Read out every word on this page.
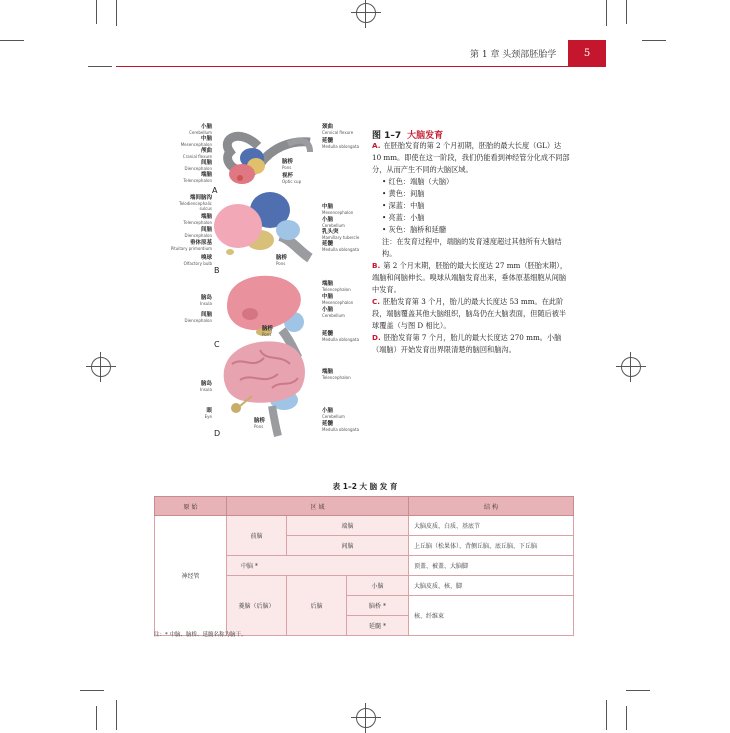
第 1 章 头颈部胚胎学	5
小脑
Cerebellum
中脑
Mesencephalon
颅曲
Cranial flexure
间脑
Diencephalon
端脑
Telencephalon
颈曲
Cervical flexure
延髓
Medulla oblongata
脑桥
Pons
视杯
Optic cup
A
端间脑沟
Telodiencephalic sulcus
端脑
Telencephalon
间脑
Diencephalon
垂体原基
Pituitary primordium
嗅球
Olfactory bulb
中脑
Mesencephalon
小脑
Cerebellum
乳头突
Mamillary tubercle
延髓
Medulla oblongata
脑桥
Pons
B
脑岛
Insula
间脑
Diencephalon
端脑
Telencephalon
中脑
Mesencephalon
小脑
Cerebellum
脑桥
Pons	延髓
Medulla oblongata
C
端脑
Telencephalon
脑岛
Insula
眼
Eye
小脑
Cerebellum
脑桥
Pons	延髓
Medulla oblongata
D
图 1–7 大脑发育
A. 在胚胎发育的第 2 个月初期，胚胎的最大长度（GL）达 10 mm。即使在这一阶段，我们仍能看到神经管分化成不同部分，从而产生不同的大脑区域。
• 红色：端脑（大脑）
• 黄色：间脑
• 深蓝：中脑
• 亮蓝：小脑
• 灰色：脑桥和延髓
注：在发育过程中，端脑的发育速度超过其他所有大脑结构。
B. 第 2 个月末期，胚胎的最大长度达 27 mm（胚胎末期），端脑和间脑伸长。嗅球从端脑发育出来，垂体原基细胞从间脑中发育。
C. 胚胎发育第 3 个月，胎儿的最大长度达 53 mm。在此阶段，端脑覆盖其他大脑组织，脑岛仍在大脑表面，但随后被半球覆盖（与图 D 相比）。
D. 胚胎发育第 7 个月，胎儿的最大长度达 270 mm。小脑（端脑）开始发育出界限清楚的脑回和脑沟。
表 1–2 大 脑 发 育
原 始	区 域			结 构
神经管	前脑	端脑		大脑皮质、白质、基底节
		间脑		上丘脑（松果体）、背侧丘脑、底丘脑、下丘脑
	中脑 *			顶盖、被盖、大脑脚
	菱脑（后脑）	后脑	小脑	大脑皮质、核、脚
			脑桥 *	核、纤维束
			延髓 *	
注：* 中脑、脑桥、延髓名称为脑干。
